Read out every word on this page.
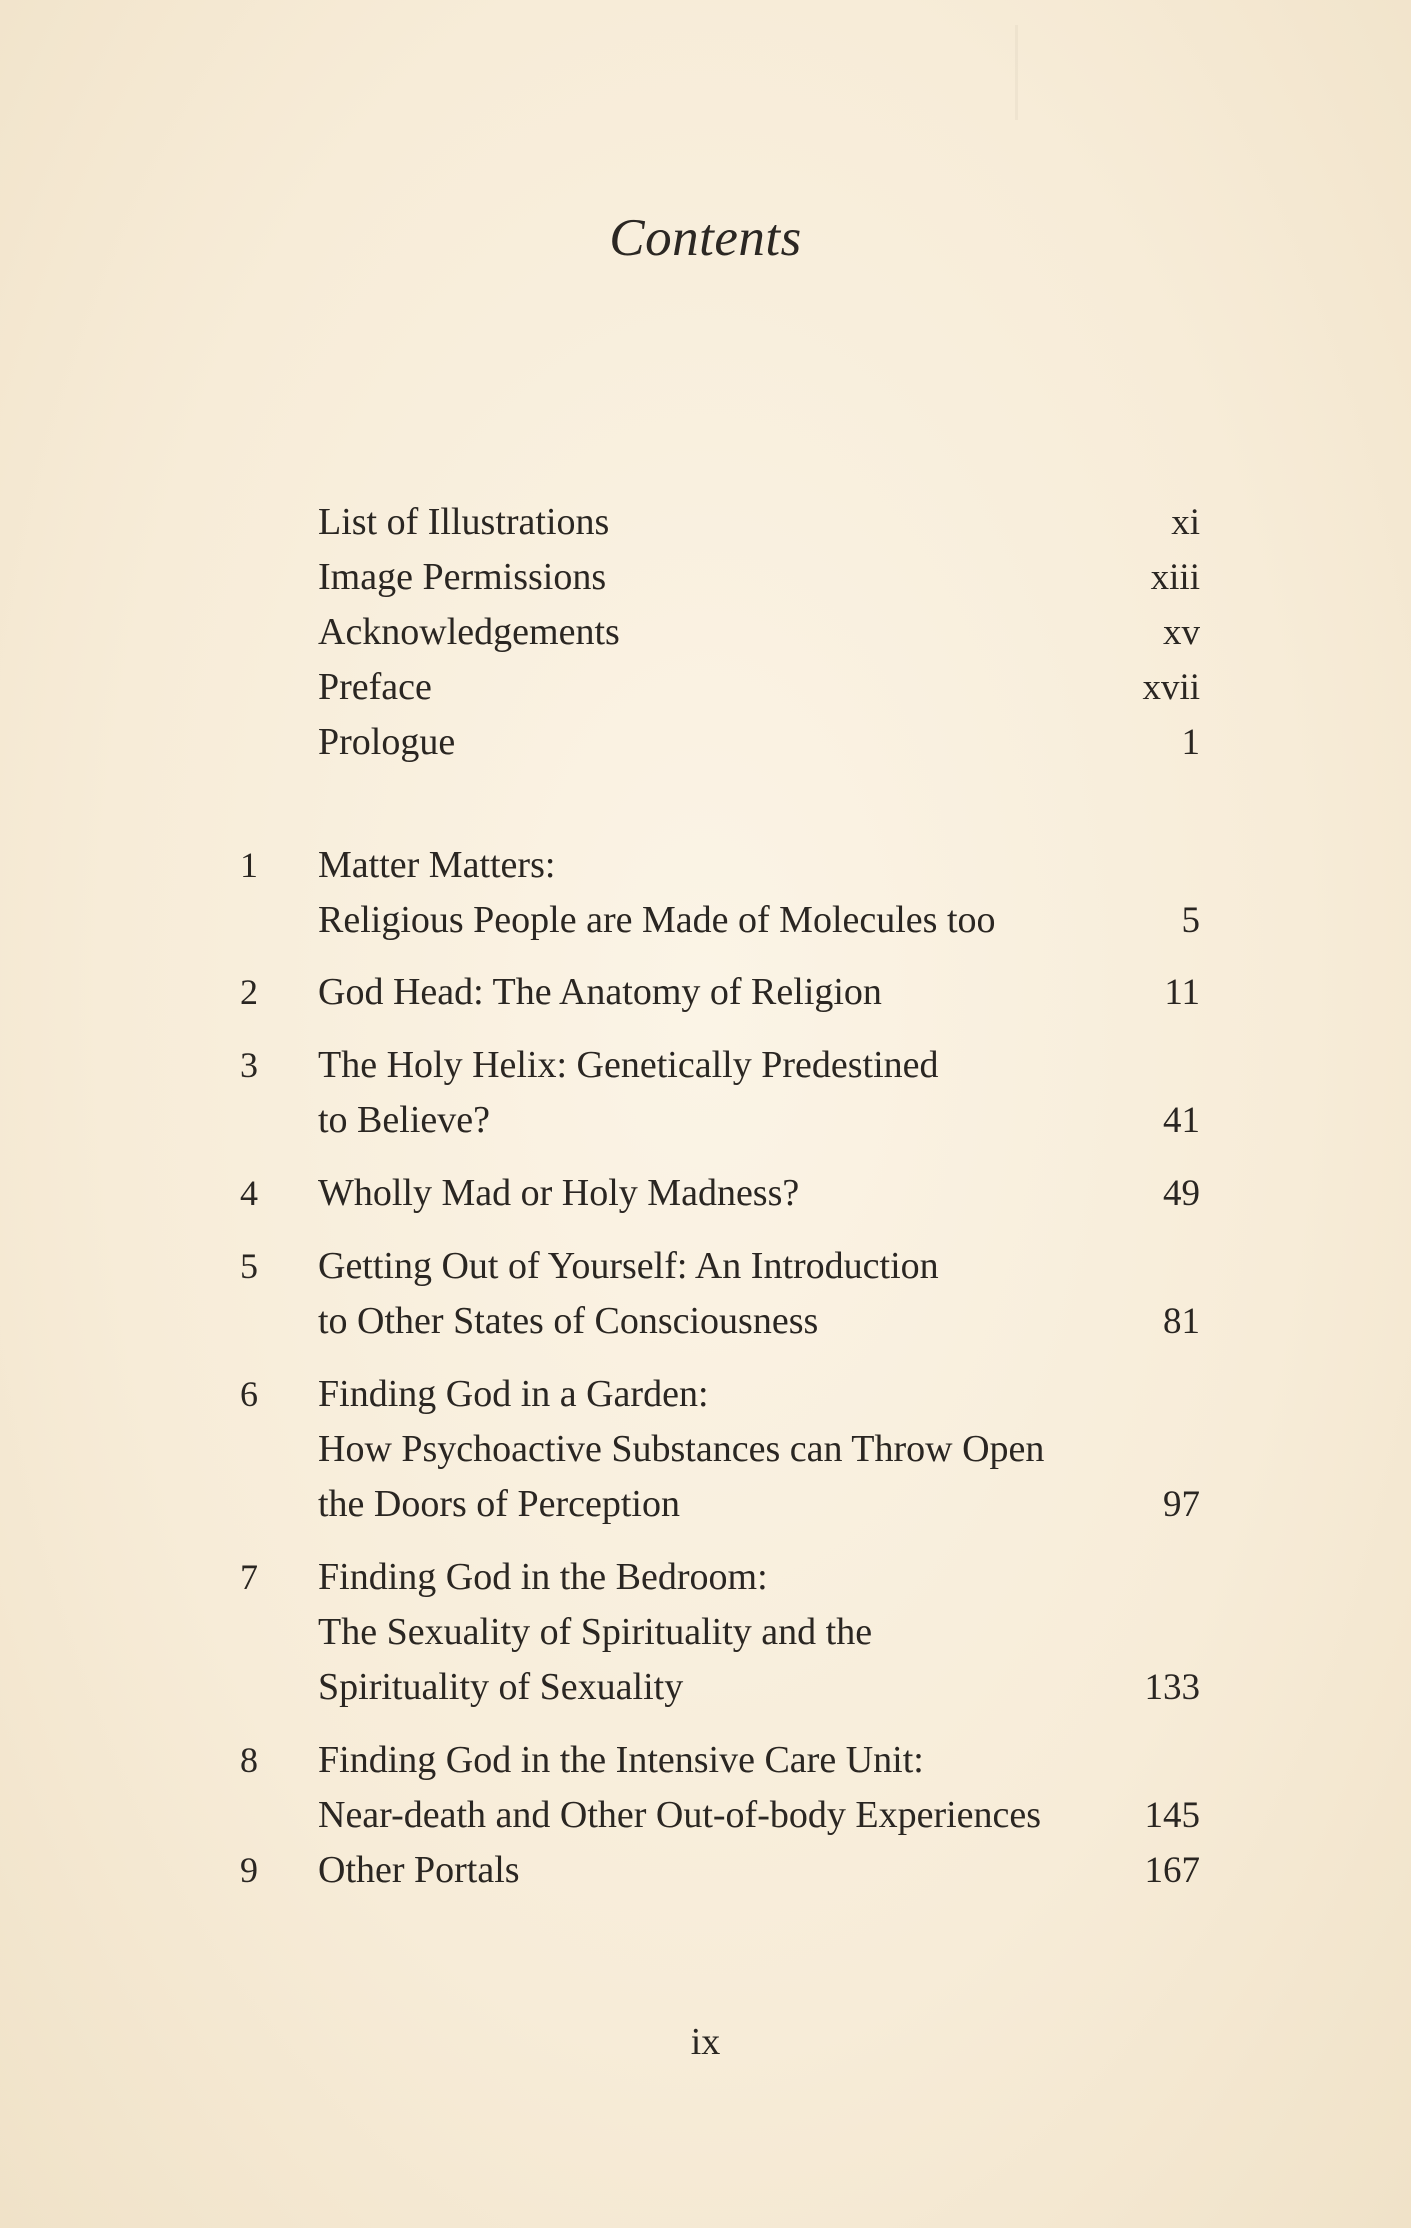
Contents
List of Illustrations	xi
Image Permissions	xiii
Acknowledgements	xv
Preface	xvii
Prologue	1
1	Matter Matters:
Religious People are Made of Molecules too	5
2	God Head: The Anatomy of Religion	11
3	The Holy Helix: Genetically Predestined
to Believe?	41
4	Wholly Mad or Holy Madness?	49
5	Getting Out of Yourself: An Introduction
to Other States of Consciousness	81
6	Finding God in a Garden:
How Psychoactive Substances can Throw Open
the Doors of Perception	97
7	Finding God in the Bedroom:
The Sexuality of Spirituality and the
Spirituality of Sexuality	133
8	Finding God in the Intensive Care Unit:
Near-death and Other Out-of-body Experiences	145
9	Other Portals	167
ix
